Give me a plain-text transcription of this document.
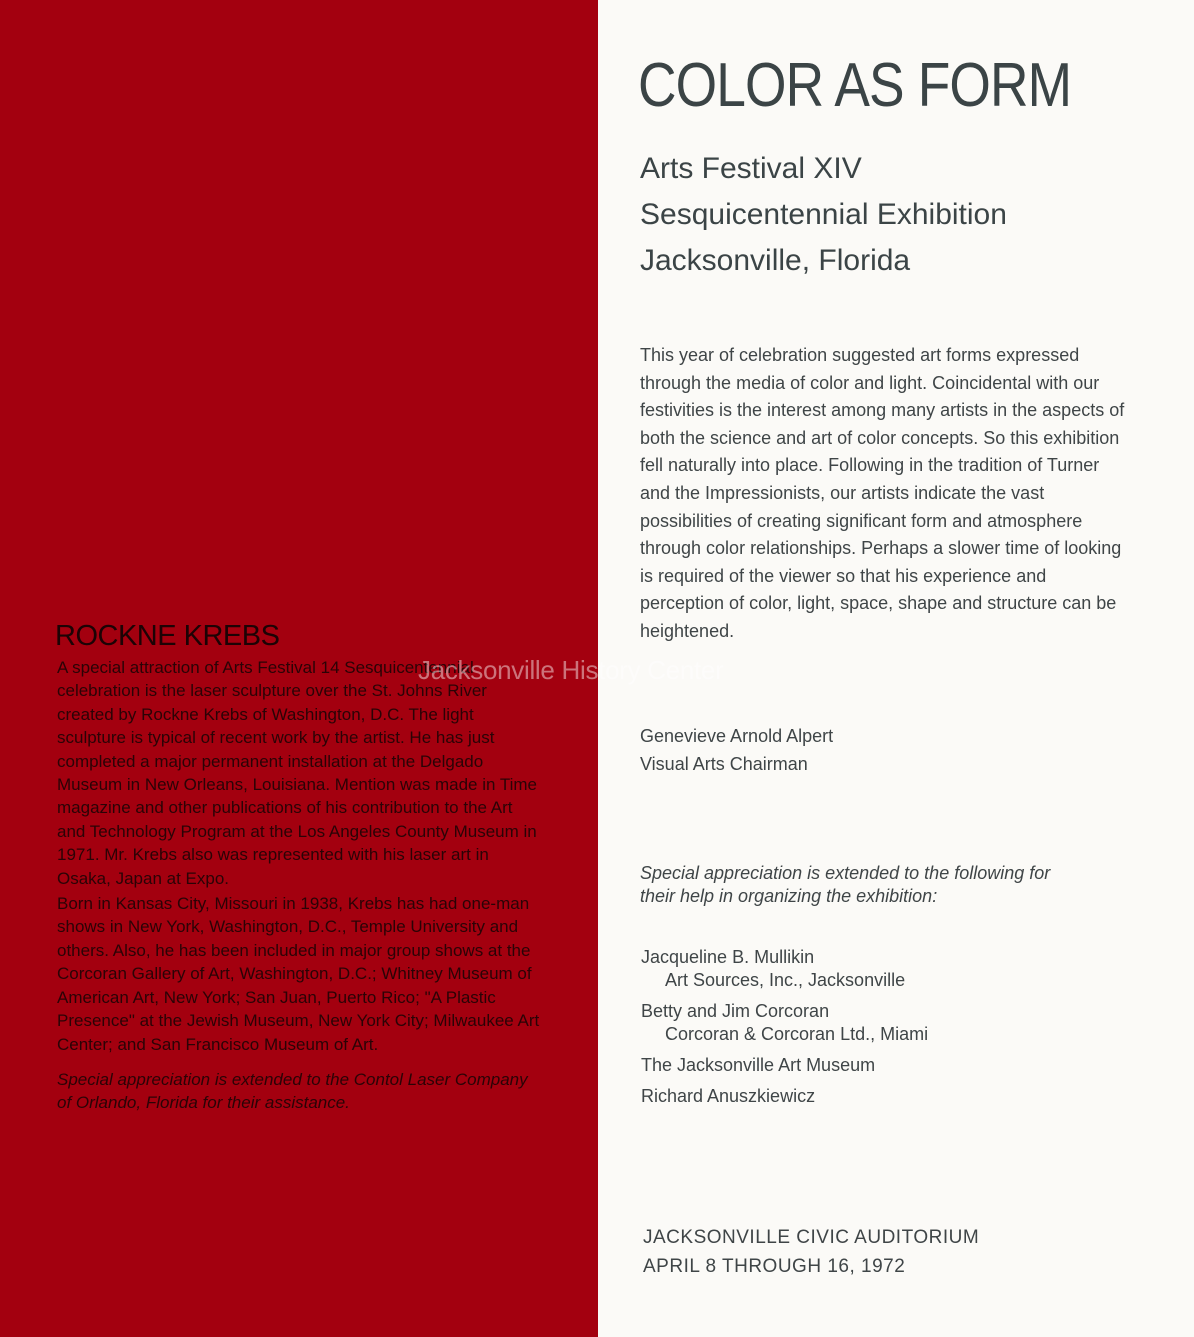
ROCKNE KREBS

A special attraction of Arts Festival 14 Sesquicentennial celebration is the laser sculpture over the St. Johns River created by Rockne Krebs of Washington, D.C. The light sculpture is typical of recent work by the artist. He has just completed a major permanent installation at the Delgado Museum in New Orleans, Louisiana. Mention was made in Time magazine and other publications of his contribution to the Art and Technology Program at the Los Angeles County Museum in 1971. Mr. Krebs also was represented with his laser art in Osaka, Japan at Expo.

Born in Kansas City, Missouri in 1938, Krebs has had one-man shows in New York, Washington, D.C., Temple University and others. Also, he has been included in major group shows at the Corcoran Gallery of Art, Washington, D.C.; Whitney Museum of American Art, New York; San Juan, Puerto Rico; "A Plastic Presence" at the Jewish Museum, New York City; Milwaukee Art Center; and San Francisco Museum of Art.

Special appreciation is extended to the Contol Laser Company of Orlando, Florida for their assistance.

COLOR AS FORM
Arts Festival XIV
Sesquicentennial Exhibition
Jacksonville, Florida

This year of celebration suggested art forms expressed through the media of color and light. Coincidental with our festivities is the interest among many artists in the aspects of both the science and art of color concepts. So this exhibition fell naturally into place. Following in the tradition of Turner and the Impressionists, our artists indicate the vast possibilities of creating significant form and atmosphere through color relationships. Perhaps a slower time of looking is required of the viewer so that his experience and perception of color, light, space, shape and structure can be heightened.

Genevieve Arnold Alpert
Visual Arts Chairman

Special appreciation is extended to the following for their help in organizing the exhibition:

Jacqueline B. Mullikin
Art Sources, Inc., Jacksonville
Betty and Jim Corcoran
Corcoran & Corcoran Ltd., Miami
The Jacksonville Art Museum
Richard Anuszkiewicz
JACKSONVILLE CIVIC AUDITORIUM
APRIL 8 THROUGH 16, 1972
Jacksonville History Center
